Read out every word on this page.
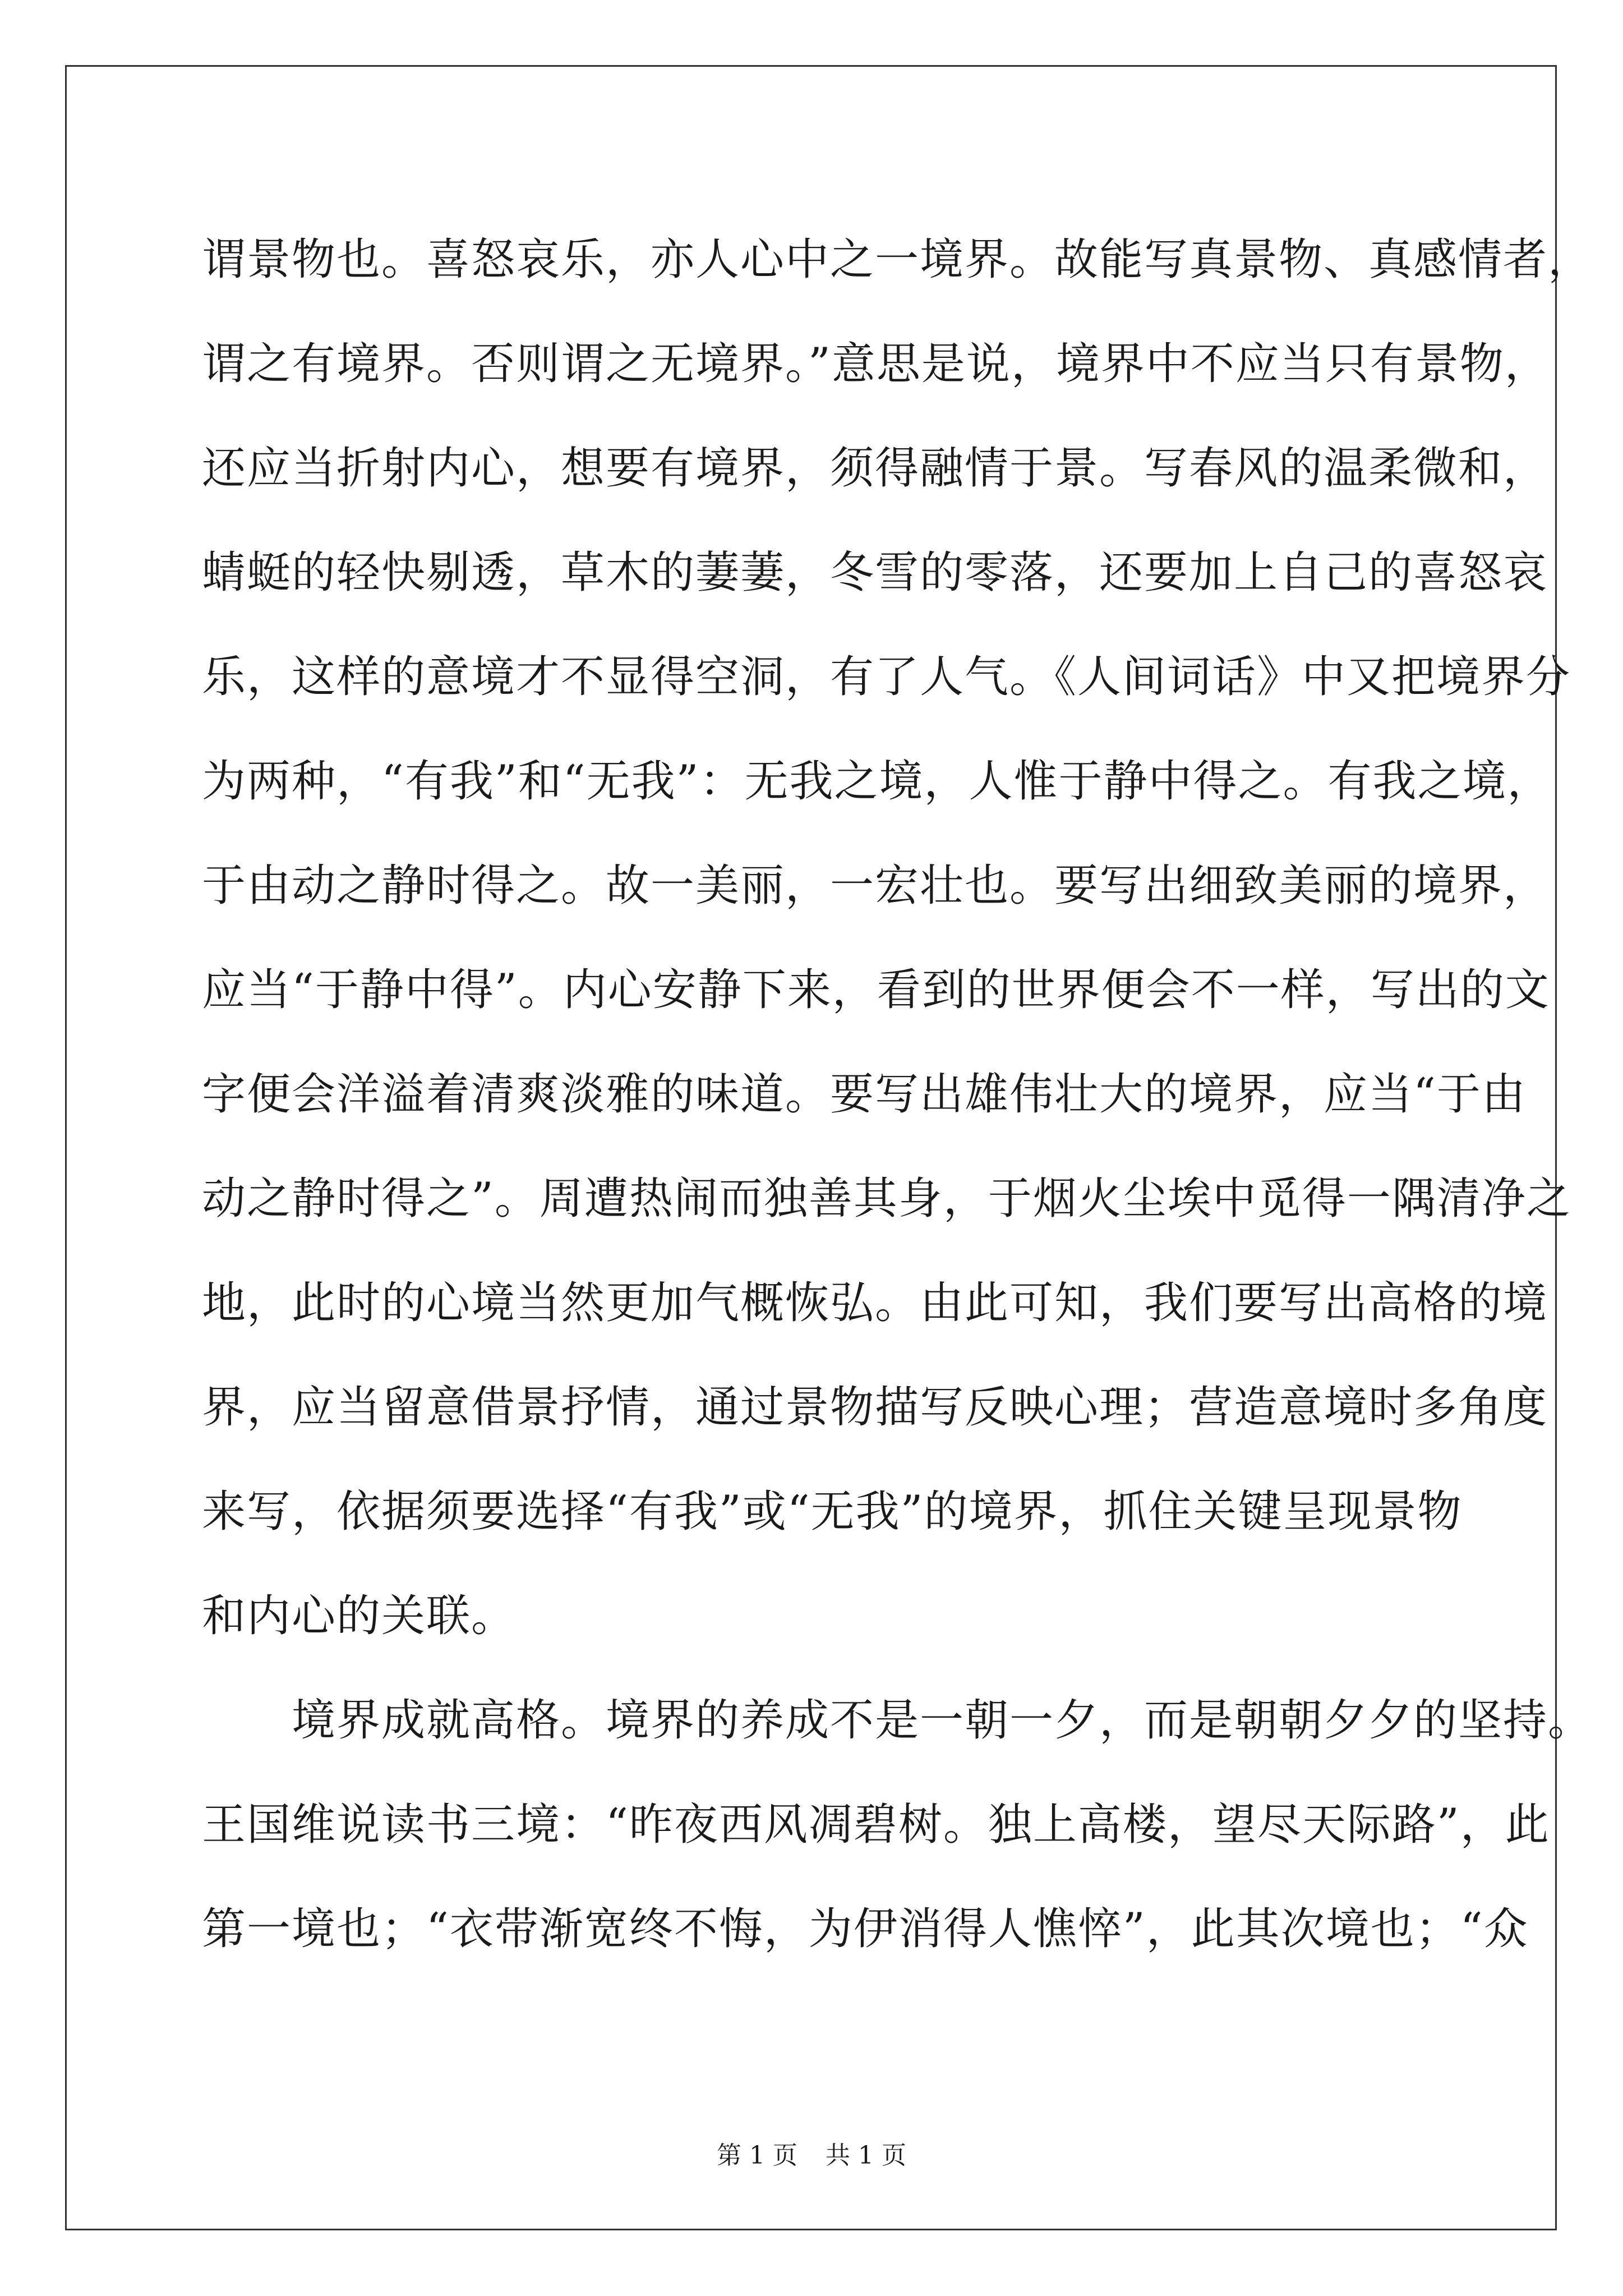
谓景物也。喜怒哀乐，亦人心中之一境界。故能写真景物、真感情者，
谓之有境界。否则谓之无境界。”意思是说，境界中不应当只有景物，
还应当折射内心，想要有境界，须得融情于景。写春风的温柔微和，
蜻蜓的轻快剔透，草木的萋萋，冬雪的零落，还要加上自己的喜怒哀
乐，这样的意境才不显得空洞，有了人气。《人间词话》中又把境界分
为两种，“有我”和“无我”：无我之境，人惟于静中得之。有我之境，
于由动之静时得之。故一美丽，一宏壮也。要写出细致美丽的境界，
应当“于静中得”。内心安静下来，看到的世界便会不一样，写出的文
字便会洋溢着清爽淡雅的味道。要写出雄伟壮大的境界，应当“于由
动之静时得之”。周遭热闹而独善其身，于烟火尘埃中觅得一隅清净之
地，此时的心境当然更加气概恢弘。由此可知，我们要写出高格的境
界，应当留意借景抒情，通过景物描写反映心理；营造意境时多角度
来写，依据须要选择“有我”或“无我”的境界，抓住关键呈现景物
和内心的关联。
境界成就高格。境界的养成不是一朝一夕，而是朝朝夕夕的坚持。
王国维说读书三境：“昨夜西风凋碧树。独上高楼，望尽天际路”，此
第一境也；“衣带渐宽终不悔，为伊消得人憔悴”，此其次境也；“众
第 1 页 共 1 页
